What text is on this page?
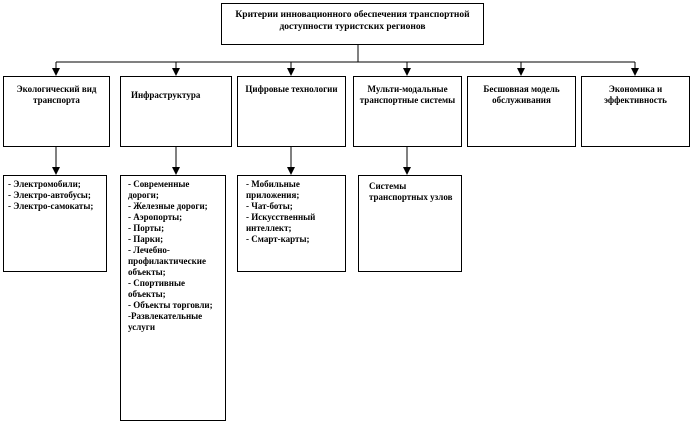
Критерии инновационного обеспечения транспортной доступности туристских регионов
Экологический вид транспорта	Инфраструктура
Цифровые технологии	Мульти-модальные транспортные системы
Бесшовная модель обслуживания
Экономика и эффективность
- Электромобили;
- Электро-автобусы;
- Электро-самокаты;
- Современные дороги;
- Железные дороги;
- Аэропорты;
- Порты;
- Парки;
- Лечебно-профилактические объекты;
- Спортивные объекты;
- Объекты торговли;
-Развлекательные услуги
- Мобильные приложения;
- Чат-боты;
- Искусственный интеллект;
- Смарт-карты;
Системы транспортных узлов
